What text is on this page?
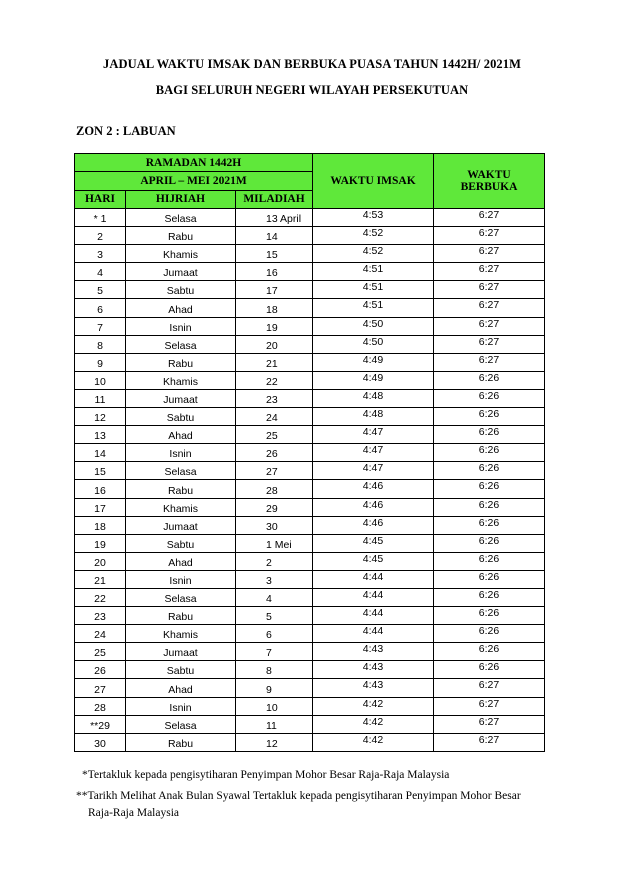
JADUAL WAKTU IMSAK DAN BERBUKA PUASA TAHUN 1442H/ 2021M
BAGI SELURUH NEGERI WILAYAH PERSEKUTUAN
ZON 2 : LABUAN
RAMADAN 1442H			WAKTU IMSAK	WAKTU
BERBUKA
APRIL – MEI 2021M				
HARI	HIJRIAH	MILADIAH		
* 1	Selasa	13 April	4:53	6:27
2	Rabu	14	4:52	6:27
3	Khamis	15	4:52	6:27
4	Jumaat	16	4:51	6:27
5	Sabtu	17	4:51	6:27
6	Ahad	18	4:51	6:27
7	Isnin	19	4:50	6:27
8	Selasa	20	4:50	6:27
9	Rabu	21	4:49	6:27
10	Khamis	22	4:49	6:26
11	Jumaat	23	4:48	6:26
12	Sabtu	24	4:48	6:26
13	Ahad	25	4:47	6:26
14	Isnin	26	4:47	6:26
15	Selasa	27	4:47	6:26
16	Rabu	28	4:46	6:26
17	Khamis	29	4:46	6:26
18	Jumaat	30	4:46	6:26
19	Sabtu	1 Mei	4:45	6:26
20	Ahad	2	4:45	6:26
21	Isnin	3	4:44	6:26
22	Selasa	4	4:44	6:26
23	Rabu	5	4:44	6:26
24	Khamis	6	4:44	6:26
25	Jumaat	7	4:43	6:26
26	Sabtu	8	4:43	6:26
27	Ahad	9	4:43	6:27
28	Isnin	10	4:42	6:27
**29	Selasa	11	4:42	6:27
30	Rabu	12	4:42	6:27
*Tertakluk kepada pengisytiharan Penyimpan Mohor Besar Raja-Raja Malaysia
**Tarikh Melihat Anak Bulan Syawal Tertakluk kepada pengisytiharan Penyimpan Mohor Besar
Raja-Raja Malaysia
